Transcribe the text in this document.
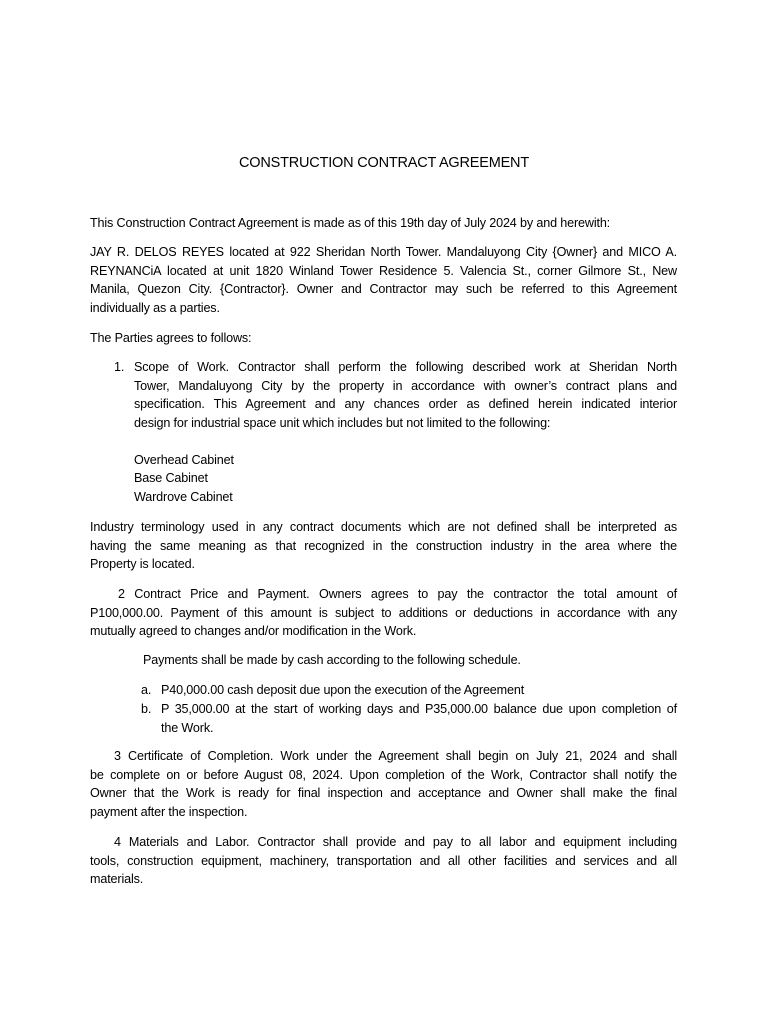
CONSTRUCTION CONTRACT AGREEMENT
This Construction Contract Agreement is made as of this 19th day of July 2024 by and herewith:
JAY R. DELOS REYES located at 922 Sheridan North Tower. Mandaluyong City {Owner} and MICO A.
REYNANCiA located at unit 1820 Winland Tower Residence 5. Valencia St., corner Gilmore St., New
Manila, Quezon City. {Contractor}. Owner and Contractor may such be referred to this Agreement
individually as a parties.
The Parties agrees to follows:
1. Scope of Work. Contractor shall perform the following described work at Sheridan North
Tower, Mandaluyong City by the property in accordance with owner’s contract plans and
specification. This Agreement and any chances order as defined herein indicated interior
design for industrial space unit which includes but not limited to the following:
Overhead Cabinet
Base Cabinet
Wardrove Cabinet
Industry terminology used in any contract documents which are not defined shall be interpreted as
having the same meaning as that recognized in the construction industry in the area where the
Property is located.
2 Contract Price and Payment. Owners agrees to pay the contractor the total amount of
P100,000.00. Payment of this amount is subject to additions or deductions in accordance with any
mutually agreed to changes and/or modification in the Work.
Payments shall be made by cash according to the following schedule.
a. P40,000.00 cash deposit due upon the execution of the Agreement
b. P 35,000.00 at the start of working days and P35,000.00 balance due upon completion of
the Work.
3 Certificate of Completion. Work under the Agreement shall begin on July 21, 2024 and shall
be complete on or before August 08, 2024. Upon completion of the Work, Contractor shall notify the
Owner that the Work is ready for final inspection and acceptance and Owner shall make the final
payment after the inspection.
4 Materials and Labor. Contractor shall provide and pay to all labor and equipment including
tools, construction equipment, machinery, transportation and all other facilities and services and all
materials.
